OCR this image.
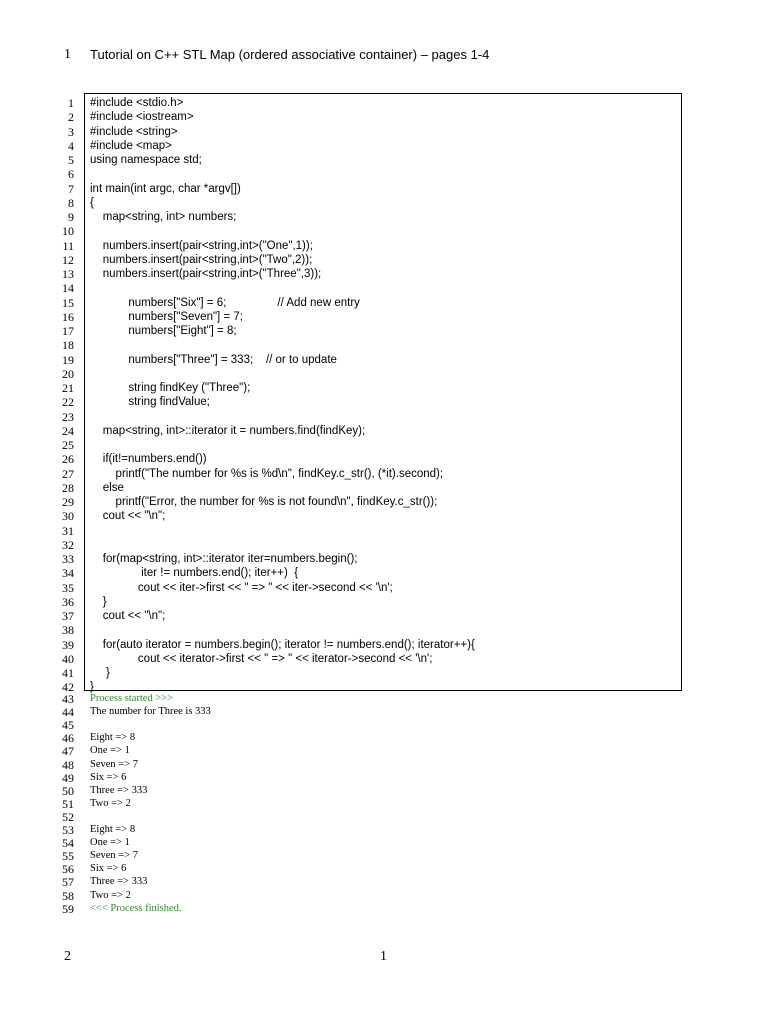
1 Tutorial on C++ STL Map (ordered associative container) – pages 1-4
1 #include <stdio.h>
2 #include <iostream>
3 #include <string>
4 #include <map>
5 using namespace std;
6
7 int main(int argc, char *argv[])
8 {
9 map<string, int> numbers;
10
11 numbers.insert(pair<string,int>("One",1));
12 numbers.insert(pair<string,int>("Two",2));
13 numbers.insert(pair<string,int>("Three",3));
14
15 numbers["Six"] = 6;                // Add new entry
16 numbers["Seven"] = 7;
17 numbers["Eight"] = 8;
18
19 numbers["Three"] = 333;    // or to update
20
21 string findKey ("Three");
22 string findValue;
23
24 map<string, int>::iterator it = numbers.find(findKey);
25
26 if(it!=numbers.end())
27 printf("The number for %s is %d\n", findKey.c_str(), (*it).second);
28 else
29 printf("Error, the number for %s is not found\n", findKey.c_str());
30 cout << "\n";
31
32
33 for(map<string, int>::iterator iter=numbers.begin();
34 iter != numbers.end(); iter++)  {
35 cout << iter->first << " => " << iter->second << '\n';
36 }
37 cout << "\n";
38
39 for(auto iterator = numbers.begin(); iterator != numbers.end(); iterator++){
40 cout << iterator->first << " => " << iterator->second << '\n';
41 }
42 }
43 Process started >>>
44 The number for Three is 333
45
46 Eight => 8
47 One => 1
48 Seven => 7
49 Six => 6
50 Three => 333
51 Two => 2
52
53 Eight => 8
54 One => 1
55 Seven => 7
56 Six => 6
57 Three => 333
58 Two => 2
59 <<< Process finished.
2	1
